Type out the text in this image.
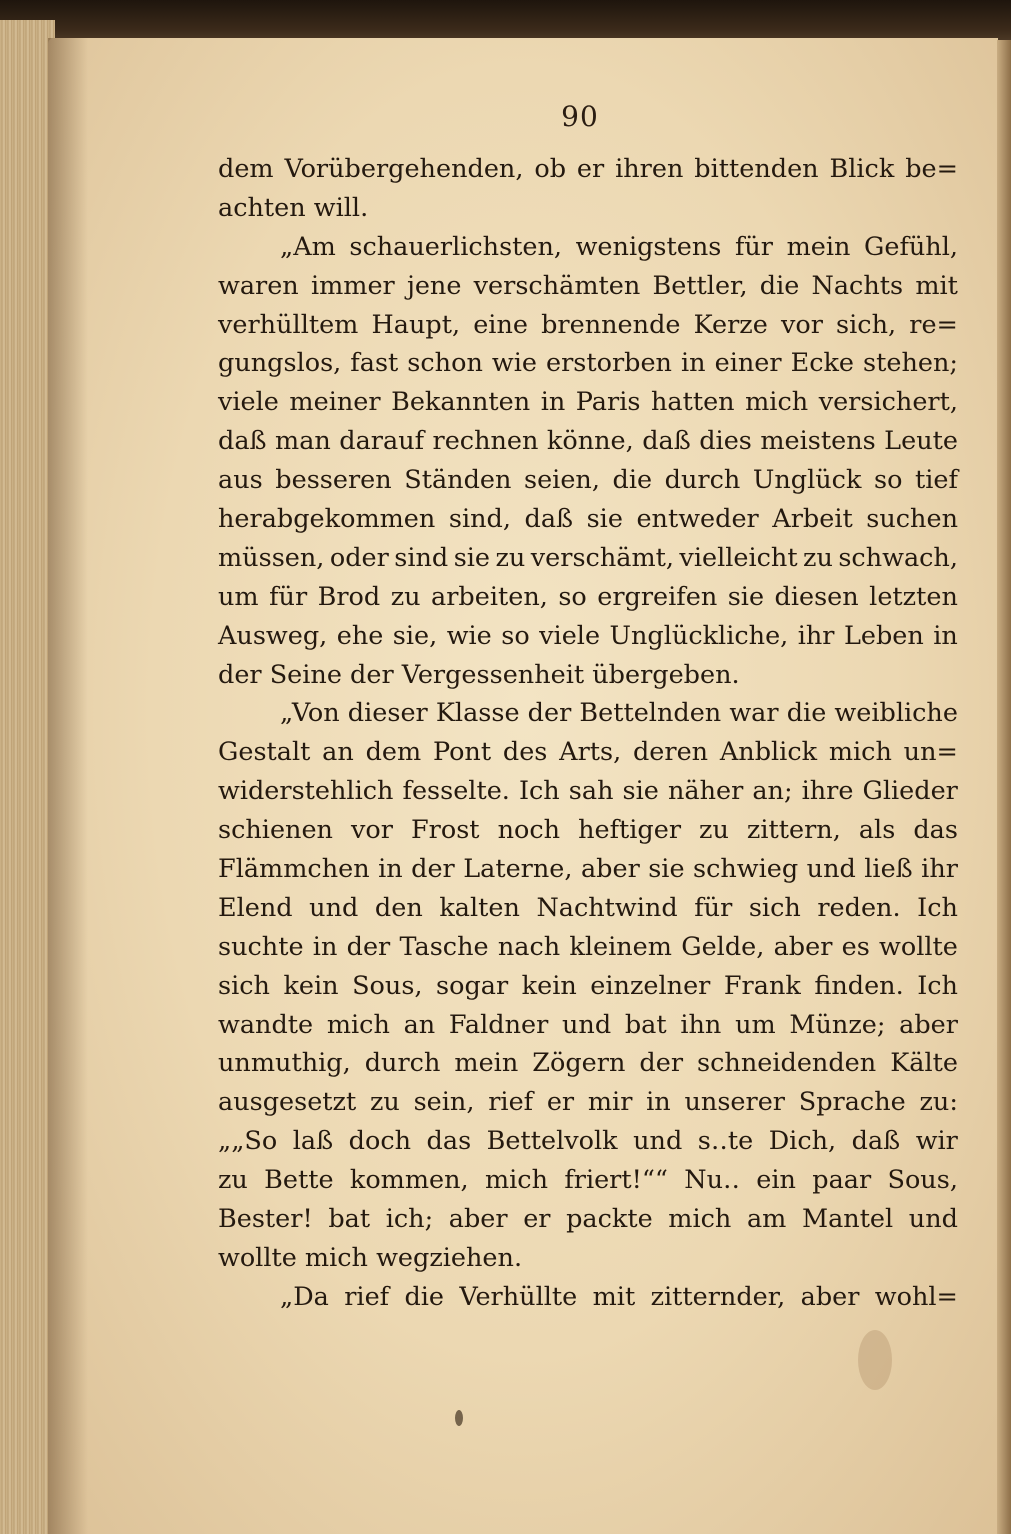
90
dem Vorübergehenden, ob er ihren bittenden Blick be=
achten will.
„Am schauerlichsten, wenigstens für mein Gefühl,
waren immer jene verschämten Bettler, die Nachts mit
verhülltem Haupt, eine brennende Kerze vor sich, re=
gungslos, fast schon wie erstorben in einer Ecke stehen;
viele meiner Bekannten in Paris hatten mich versichert,
daß man darauf rechnen könne, daß dies meistens Leute
aus besseren Ständen seien, die durch Unglück so tief
herabgekommen sind, daß sie entweder Arbeit suchen
müssen, oder sind sie zu verschämt, vielleicht zu schwach,
um für Brod zu arbeiten, so ergreifen sie diesen letzten
Ausweg, ehe sie, wie so viele Unglückliche, ihr Leben in
der Seine der Vergessenheit übergeben.
„Von dieser Klasse der Bettelnden war die weibliche
Gestalt an dem Pont des Arts, deren Anblick mich un=
widerstehlich fesselte. Ich sah sie näher an; ihre Glieder
schienen vor Frost noch heftiger zu zittern, als das
Flämmchen in der Laterne, aber sie schwieg und ließ ihr
Elend und den kalten Nachtwind für sich reden. Ich
suchte in der Tasche nach kleinem Gelde, aber es wollte
sich kein Sous, sogar kein einzelner Frank finden. Ich
wandte mich an Faldner und bat ihn um Münze; aber
unmuthig, durch mein Zögern der schneidenden Kälte
ausgesetzt zu sein, rief er mir in unserer Sprache zu:
„„So laß doch das Bettelvolk und s‥te Dich, daß wir
zu Bette kommen, mich friert!““ Nu‥ ein paar Sous,
Bester! bat ich; aber er packte mich am Mantel und
wollte mich wegziehen.
„Da rief die Verhüllte mit zitternder, aber wohl=
